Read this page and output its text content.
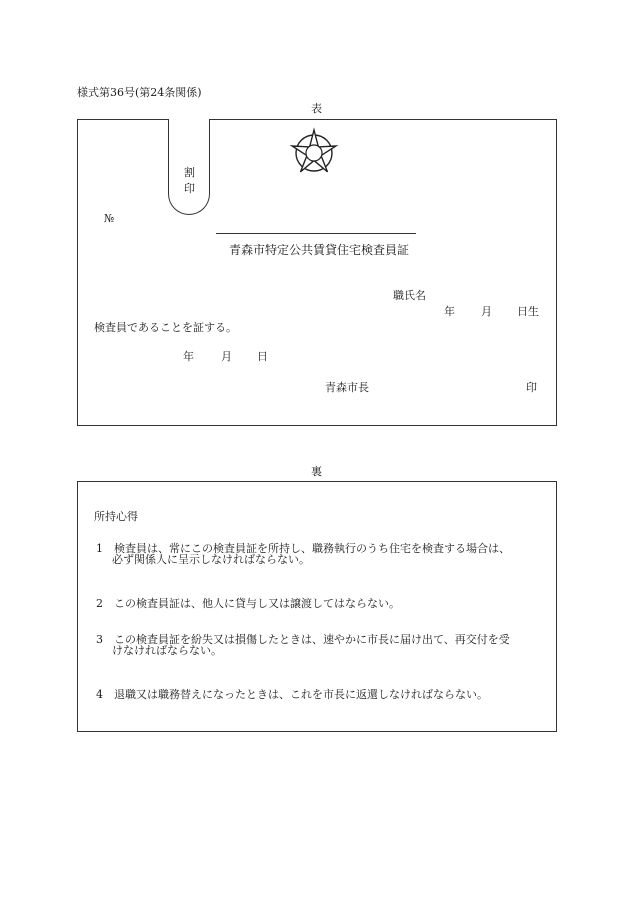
様式第36号(第24条関係)
表
割
印
№
青森市特定公共賃貸住宅検査員証
職氏名
年 月 日生
検査員であることを証する。
年 月 日
青森市長	印
裏
所持心得
1　検査員は、常にこの検査員証を所持し、職務執行のうち住宅を検査する場合は、
必ず関係人に呈示しなければならない。
2　この検査員証は、他人に貸与し又は譲渡してはならない。
3　この検査員証を紛失又は損傷したときは、速やかに市長に届け出て、再交付を受
けなければならない。
4　退職又は職務替えになったときは、これを市長に返還しなければならない。
